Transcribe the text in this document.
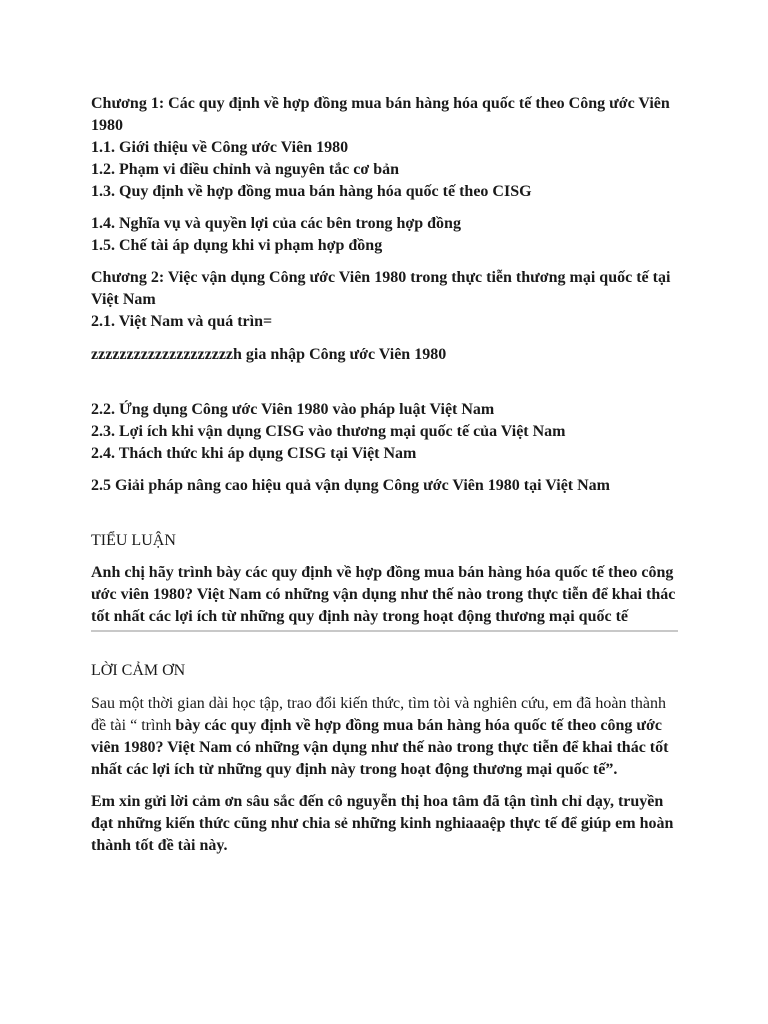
Chương 1: Các quy định về hợp đồng mua bán hàng hóa quốc tế theo Công ước Viên 1980

1.1. Giới thiệu về Công ước Viên 1980

1.2. Phạm vi điều chỉnh và nguyên tắc cơ bản

1.3. Quy định về hợp đồng mua bán hàng hóa quốc tế theo CISG

1.4. Nghĩa vụ và quyền lợi của các bên trong hợp đồng

1.5. Chế tài áp dụng khi vi phạm hợp đồng

Chương 2: Việc vận dụng Công ước Viên 1980 trong thực tiễn thương mại quốc tế tại Việt Nam

2.1. Việt Nam và quá trìn=

zzzzzzzzzzzzzzzzzzzzh gia nhập Công ước Viên 1980

2.2. Ứng dụng Công ước Viên 1980 vào pháp luật Việt Nam

2.3. Lợi ích khi vận dụng CISG vào thương mại quốc tế của Việt Nam

2.4. Thách thức khi áp dụng CISG tại Việt Nam

2.5 Giải pháp nâng cao hiệu quả vận dụng Công ước Viên 1980 tại Việt Nam

TIỂU LUẬN

Anh chị hãy trình bày các quy định về hợp đồng mua bán hàng hóa quốc tế theo công ước viên 1980? Việt Nam có những vận dụng như thế nào trong thực tiễn để khai thác tốt nhất các lợi ích từ những quy định này trong hoạt động thương mại quốc tế

LỜI CẢM ƠN

Sau một thời gian dài học tập, trao đổi kiến thức, tìm tòi và nghiên cứu, em đã hoàn thành đề tài “ trình bày các quy định về hợp đồng mua bán hàng hóa quốc tế theo công ước viên 1980? Việt Nam có những vận dụng như thế nào trong thực tiễn để khai thác tốt nhất các lợi ích từ những quy định này trong hoạt động thương mại quốc tế”.

Em xin gửi lời cảm ơn sâu sắc đến cô nguyễn thị hoa tâm đã tận tình chỉ dạy, truyền đạt những kiến thức cũng như chia sẻ những kinh nghiaaaệp thực tế để giúp em hoàn thành tốt đề tài này.
